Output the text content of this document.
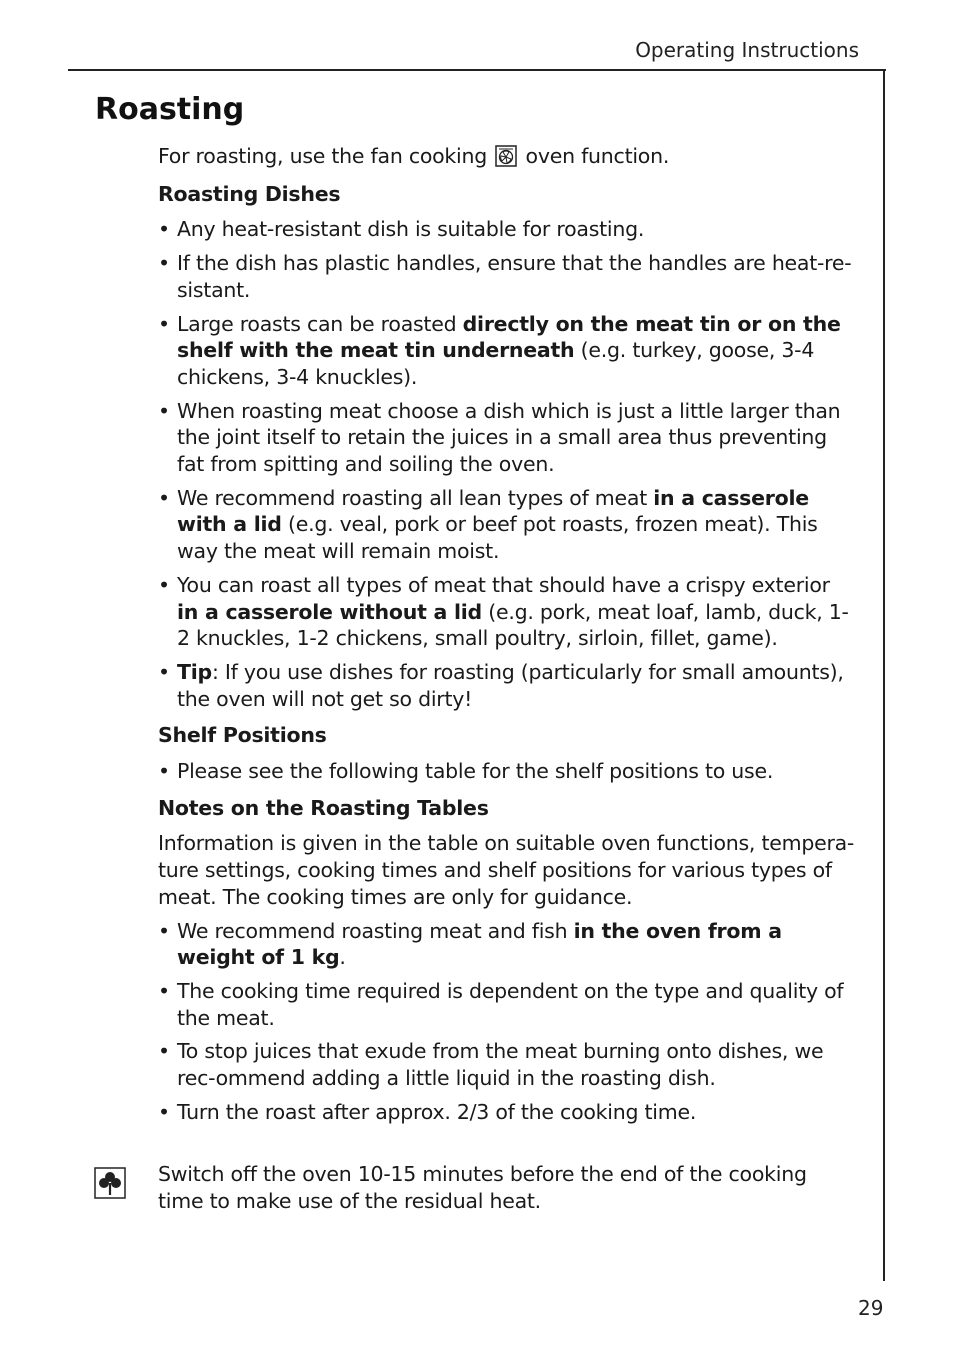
Operating Instructions
Roasting

For roasting, use the fan cooking  oven function.

Roasting Dishes
• Any heat-resistant dish is suitable for roasting.
• If the dish has plastic handles, ensure that the handles are heat-re-sistant.
• Large roasts can be roasted directly on the meat tin or on the shelf with the meat tin underneath (e.g. turkey, goose, 3-4 chickens, 3-4 knuckles).
• When roasting meat choose a dish which is just a little larger than the joint itself to retain the juices in a small area thus preventing fat from spitting and soiling the oven.
• We recommend roasting all lean types of meat in a casserole with a lid (e.g. veal, pork or beef pot roasts, frozen meat). This way the meat will remain moist.
• You can roast all types of meat that should have a crispy exterior in a casserole without a lid (e.g. pork, meat loaf, lamb, duck, 1-2 knuckles, 1-2 chickens, small poultry, sirloin, fillet, game).
• Tip: If you use dishes for roasting (particularly for small amounts), the oven will not get so dirty!
Shelf Positions
• Please see the following table for the shelf positions to use.
Notes on the Roasting Tables

Information is given in the table on suitable oven functions, tempera-ture settings, cooking times and shelf positions for various types of meat. The cooking times are only for guidance.

• We recommend roasting meat and fish in the oven from a weight of 1 kg.
• The cooking time required is dependent on the type and quality of the meat.
• To stop juices that exude from the meat burning onto dishes, we rec-ommend adding a little liquid in the roasting dish.
• Turn the roast after approx. 2/3 of the cooking time.

Switch off the oven 10-15 minutes before the end of the cooking time to make use of the residual heat.

29
